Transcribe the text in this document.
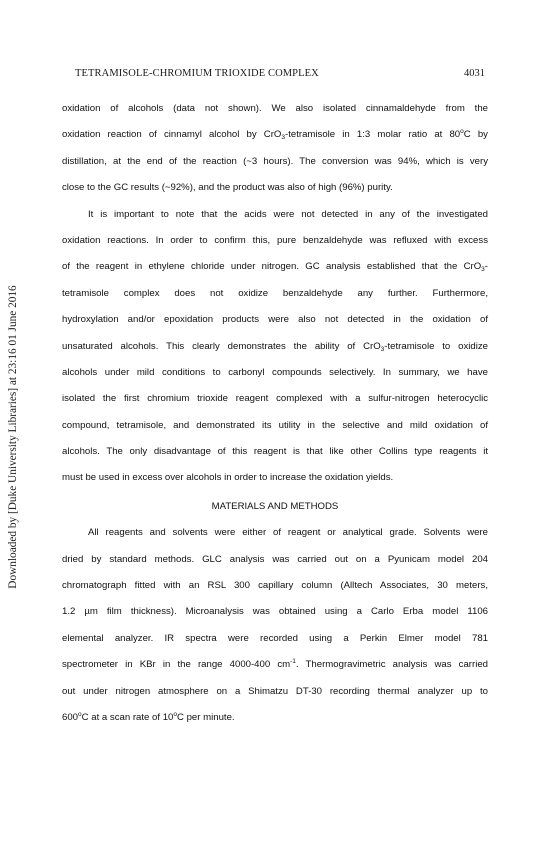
TETRAMISOLE-CHROMIUM TRIOXIDE COMPLEX	4031
Downloaded by [Duke University Libraries] at 23:16 01 June 2016
oxidation of alcohols (data not shown). We also isolated cinnamaldehyde from the
oxidation reaction of cinnamyl alcohol by CrO$_3$-tetramisole in 1:3 molar ratio at 80$^o$C by
distillation, at the end of the reaction (~3 hours). The conversion was 94%, which is very
close to the GC results (~92%), and the product was also of high (96%) purity.
It is important to note that the acids were not detected in any of the investigated
oxidation reactions. In order to confirm this, pure benzaldehyde was refluxed with excess
of the reagent in ethylene chloride under nitrogen. GC analysis established that the CrO$_3$-
tetramisole complex does not oxidize benzaldehyde any further. Furthermore,
hydroxylation and/or epoxidation products were also not detected in the oxidation of
unsaturated alcohols. This clearly demonstrates the ability of CrO$_3$-tetramisole to oxidize
alcohols under mild conditions to carbonyl compounds selectively. In summary, we have
isolated the first chromium trioxide reagent complexed with a sulfur-nitrogen heterocyclic
compound, tetramisole, and demonstrated its utility in the selective and mild oxidation of
alcohols. The only disadvantage of this reagent is that like other Collins type reagents it
must be used in excess over alcohols in order to increase the oxidation yields.
MATERIALS AND METHODS
All reagents and solvents were either of reagent or analytical grade. Solvents were
dried by standard methods. GLC analysis was carried out on a Pyunicam model 204
chromatograph fitted with an RSL 300 capillary column (Alltech Associates, 30 meters,
1.2 µm film thickness). Microanalysis was obtained using a Carlo Erba model 1106
elemental analyzer. IR spectra were recorded using a Perkin Elmer model 781
spectrometer in KBr in the range 4000-400 $cm^{-1}$. Thermogravimetric analysis was carried
out under nitrogen atmosphere on a Shimatzu DT-30 recording thermal analyzer up to
600$^o$C at a scan rate of 10$^o$C per minute.
